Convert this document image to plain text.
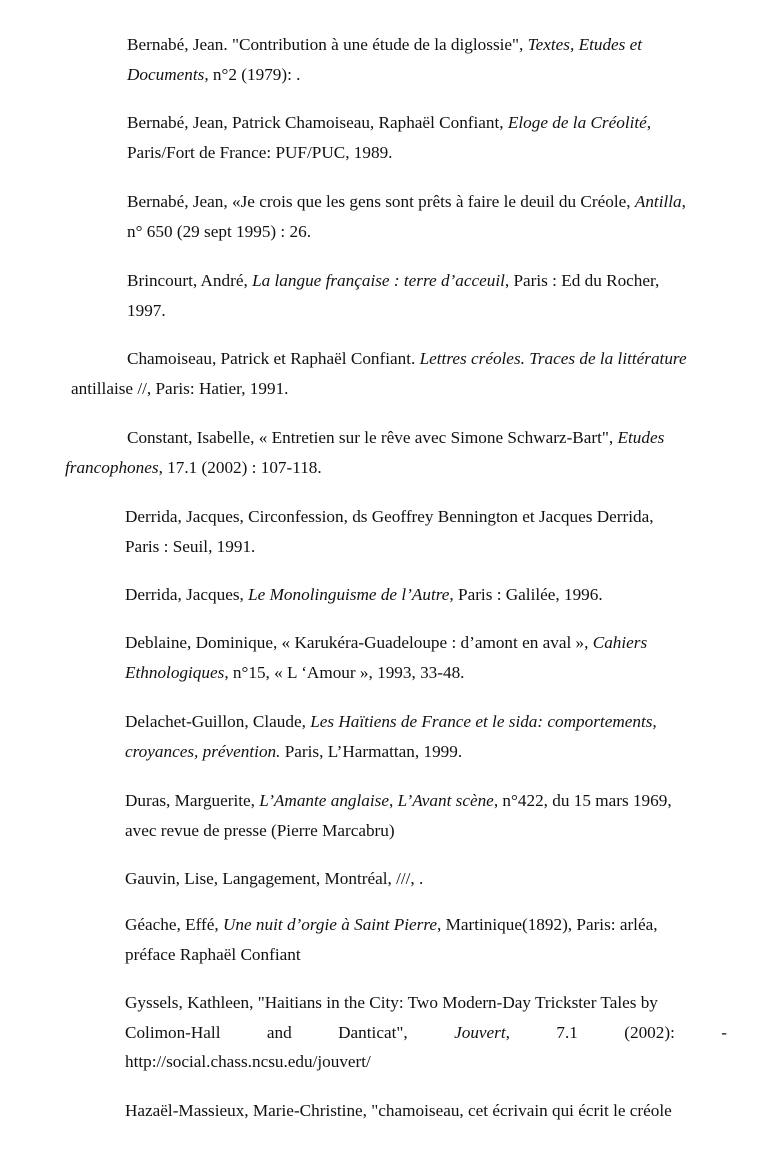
Bernabé, Jean. "Contribution à une étude de la diglossie", Textes, Etudes et
Documents, n°2 (1979): .
Bernabé, Jean, Patrick Chamoiseau, Raphaël Confiant, Eloge de la Créolité,
Paris/Fort de France: PUF/PUC, 1989.
Bernabé, Jean, «Je crois que les gens sont prêts à faire le deuil du Créole, Antilla,
n° 650 (29 sept 1995) : 26.
Brincourt, André, La langue française : terre d’acceuil, Paris : Ed du Rocher,
1997.
Chamoiseau, Patrick et Raphaël Confiant. Lettres créoles. Traces de la littérature
antillaise //, Paris: Hatier, 1991.
Constant, Isabelle, « Entretien sur le rêve avec Simone Schwarz-Bart", Etudes
francophones, 17.1 (2002) : 107-118.
Derrida, Jacques, Circonfession, ds Geoffrey Bennington et Jacques Derrida,
Paris : Seuil, 1991.
Derrida, Jacques, Le Monolinguisme de l’Autre, Paris : Galilée, 1996.
Deblaine, Dominique, « Karukéra-Guadeloupe : d’amont en aval », Cahiers
Ethnologiques, n°15, « L ‘Amour », 1993, 33-48.
Delachet-Guillon, Claude, Les Haïtiens de France et le sida: comportements,
croyances, prévention. Paris, L’Harmattan, 1999.
Duras, Marguerite, L’Amante anglaise, L’Avant scène, n°422, du 15 mars 1969,
avec revue de presse (Pierre Marcabru)
Gauvin, Lise, Langagement, Montréal, ///, .
Géache, Effé, Une nuit d’orgie à Saint Pierre, Martinique(1892), Paris: arléa,
préface Raphaël Confiant
Gyssels, Kathleen, "Haitians in the City: Two Modern-Day Trickster Tales by
Colimon-Hall and Danticat", Jouvert, 7.1 (2002): -
http://social.chass.ncsu.edu/jouvert/
Hazaël-Massieux, Marie-Christine, "chamoiseau, cet écrivain qui écrit le créole
